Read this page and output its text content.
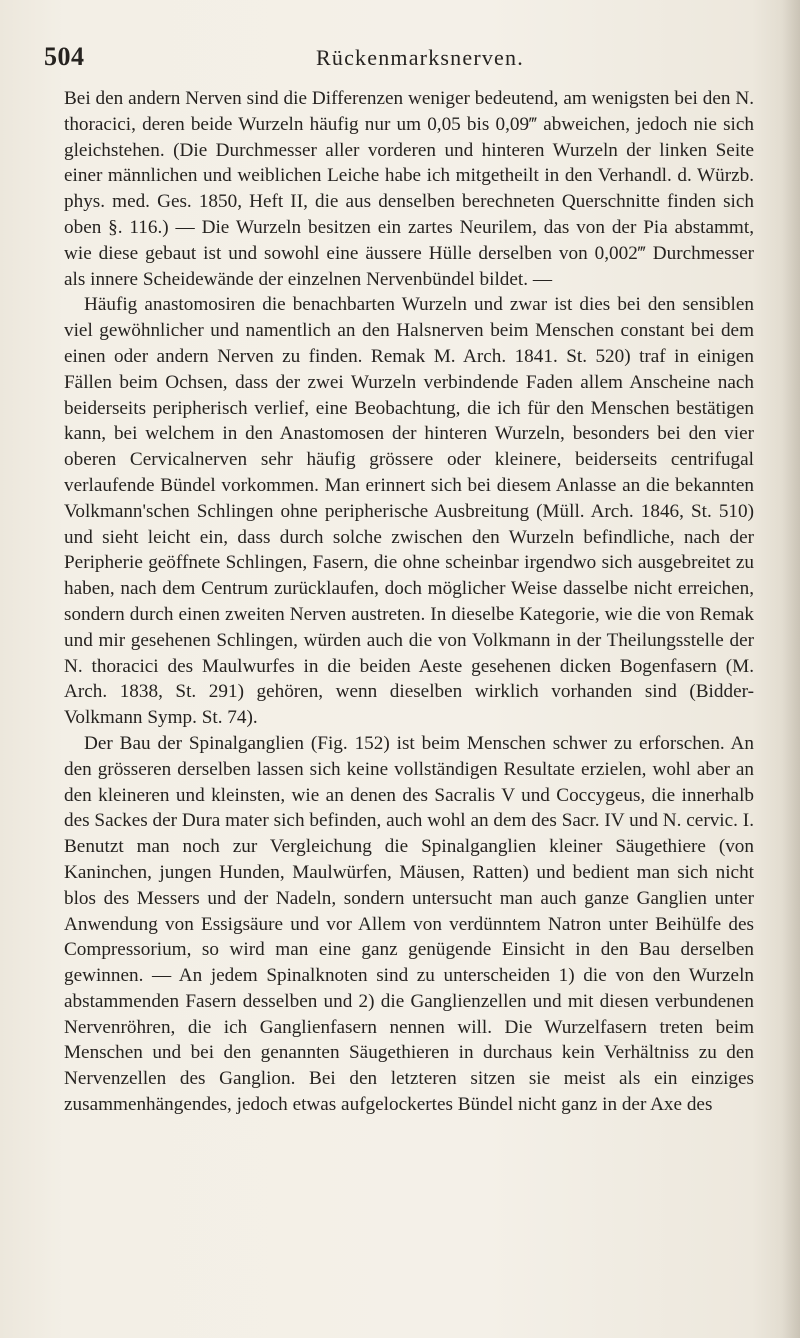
504	Rückenmarksnerven.

Bei den andern Nerven sind die Differenzen weniger bedeutend, am wenigsten bei den N. thoracici, deren beide Wurzeln häufig nur um 0,05 bis 0,09‴ abweichen, jedoch nie sich gleichstehen. (Die Durchmesser aller vorderen und hinteren Wurzeln der linken Seite einer männlichen und weiblichen Leiche habe ich mitgetheilt in den Verhandl. d. Würzb. phys. med. Ges. 1850, Heft II, die aus denselben berechneten Querschnitte finden sich oben §. 116.) — Die Wurzeln besitzen ein zartes Neurilem, das von der Pia abstammt, wie diese gebaut ist und sowohl eine äussere Hülle derselben von 0,002‴ Durchmesser als innere Scheidewände der einzelnen Nervenbündel bildet. —

Häufig anastomosiren die benachbarten Wurzeln und zwar ist dies bei den sensiblen viel gewöhnlicher und namentlich an den Halsnerven beim Menschen constant bei dem einen oder andern Nerven zu finden. Remak M. Arch. 1841. St. 520) traf in einigen Fällen beim Ochsen, dass der zwei Wurzeln verbindende Faden allem Anscheine nach beiderseits peripherisch verlief, eine Beobachtung, die ich für den Menschen bestätigen kann, bei welchem in den Anastomosen der hinteren Wurzeln, besonders bei den vier oberen Cervicalnerven sehr häufig grössere oder kleinere, beiderseits centrifugal verlaufende Bündel vorkommen. Man erinnert sich bei diesem Anlasse an die bekannten Volkmann'schen Schlingen ohne peripherische Ausbreitung (Müll. Arch. 1846, St. 510) und sieht leicht ein, dass durch solche zwischen den Wurzeln befindliche, nach der Peripherie geöffnete Schlingen, Fasern, die ohne scheinbar irgendwo sich ausgebreitet zu haben, nach dem Centrum zurücklaufen, doch möglicher Weise dasselbe nicht erreichen, sondern durch einen zweiten Nerven austreten. In dieselbe Kategorie, wie die von Remak und mir gesehenen Schlingen, würden auch die von Volkmann in der Theilungsstelle der N. thoracici des Maulwurfes in die beiden Aeste gesehenen dicken Bogenfasern (M. Arch. 1838, St. 291) gehören, wenn dieselben wirklich vorhanden sind (Bidder-Volkmann Symp. St. 74).

Der Bau der Spinalganglien (Fig. 152) ist beim Menschen schwer zu erforschen. An den grösseren derselben lassen sich keine vollständigen Resultate erzielen, wohl aber an den kleineren und kleinsten, wie an denen des Sacralis V und Coccygeus, die innerhalb des Sackes der Dura mater sich befinden, auch wohl an dem des Sacr. IV und N. cervic. I. Benutzt man noch zur Vergleichung die Spinalganglien kleiner Säugethiere (von Kaninchen, jungen Hunden, Maulwürfen, Mäusen, Ratten) und bedient man sich nicht blos des Messers und der Nadeln, sondern untersucht man auch ganze Ganglien unter Anwendung von Essigsäure und vor Allem von verdünntem Natron unter Beihülfe des Compressorium, so wird man eine ganz genügende Einsicht in den Bau derselben gewinnen. — An jedem Spinalknoten sind zu unterscheiden 1) die von den Wurzeln abstammenden Fasern desselben und 2) die Ganglienzellen und mit diesen verbundenen Nervenröhren, die ich Ganglienfasern nennen will. Die Wurzelfasern treten beim Menschen und bei den genannten Säugethieren in durchaus kein Verhältniss zu den Nervenzellen des Ganglion. Bei den letzteren sitzen sie meist als ein einziges zusammenhängendes, jedoch etwas aufgelockertes Bündel nicht ganz in der Axe des
